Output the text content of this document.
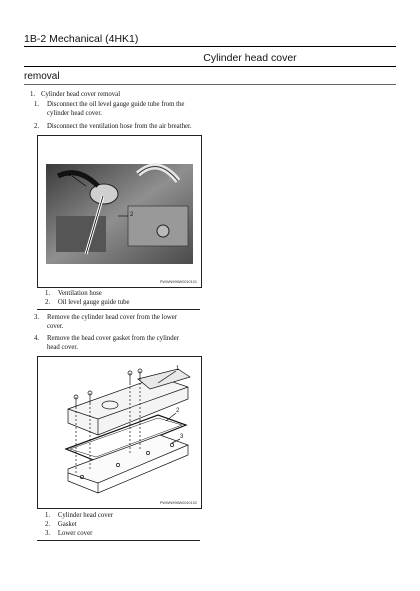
1B-2 Mechanical (4HK1)
Cylinder head cover
removal
1. Cylinder head cover removal
1. Disconnect the oil level gauge guide tube from the
cylinder head cover.
2. Disconnect the ventilation hose from the air breather.
1
2
PWWN998W0010101
1. Ventilation hose
2. Oil level gauge guide tube
3. Remove the cylinder head cover from the lower
cover.
4. Remove the head cover gasket from the cylinder
head cover.
1
2
3
PWWN998W0010102
1. Cylinder head cover
2. Gasket
3. Lower cover
